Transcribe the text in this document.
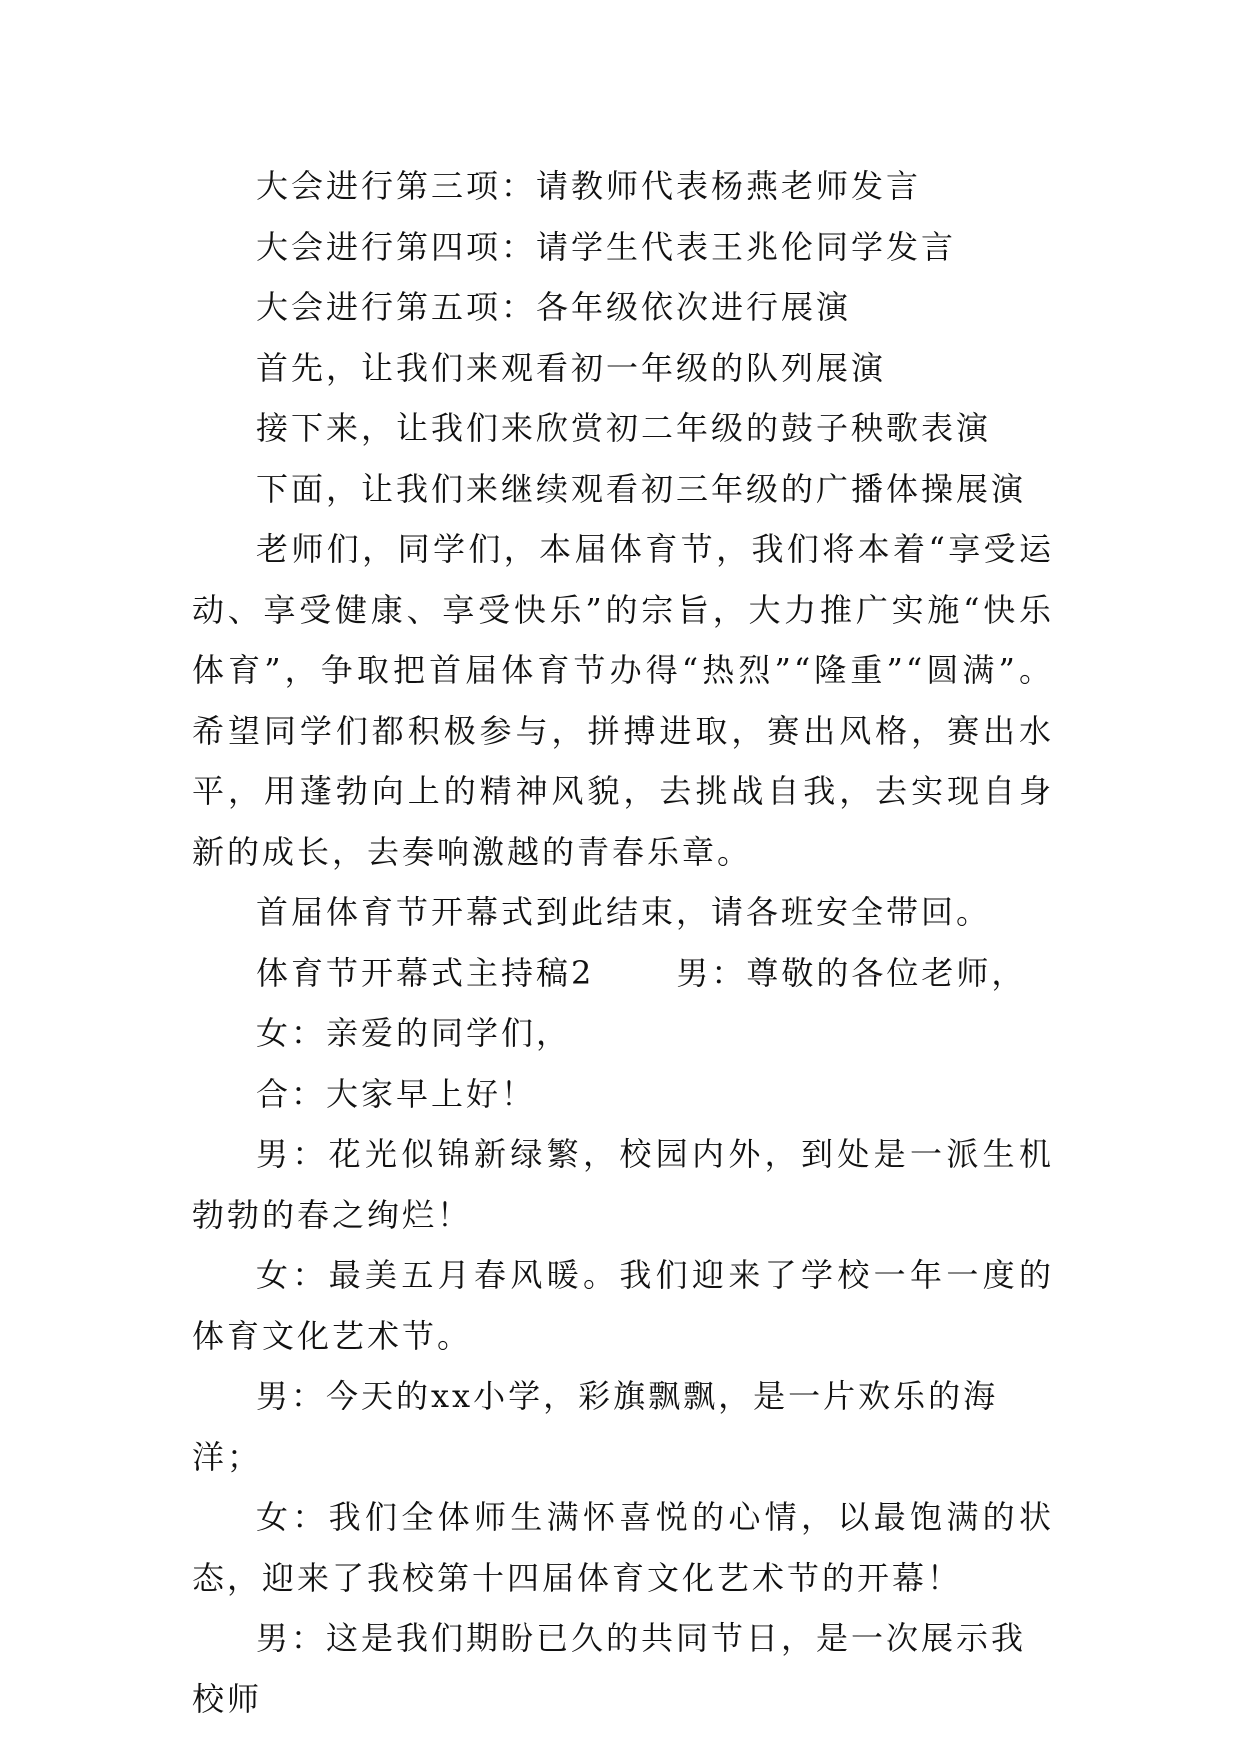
大会进行第三项：请教师代表杨燕老师发言

大会进行第四项：请学生代表王兆伦同学发言

大会进行第五项：各年级依次进行展演

首先，让我们来观看初一年级的队列展演

接下来，让我们来欣赏初二年级的鼓子秧歌表演

下面，让我们来继续观看初三年级的广播体操展演

老师们，同学们，本届体育节，我们将本着“享受运动、享受健康、享受快乐”的宗旨，大力推广实施“快乐体育”，争取把首届体育节办得“热烈”“隆重”“圆满”。希望同学们都积极参与，拼搏进取，赛出风格，赛出水平，用蓬勃向上的精神风貌，去挑战自我，去实现自身新的成长，去奏响激越的青春乐章。

首届体育节开幕式到此结束，请各班安全带回。

体育节开幕式主持稿2	男：尊敬的各位老师，

女：亲爱的同学们，

合：大家早上好！

男：花光似锦新绿繁，校园内外，到处是一派生机勃勃的春之绚烂！

女：最美五月春风暖。我们迎来了学校一年一度的体育文化艺术节。

男：今天的xx小学，彩旗飘飘，是一片欢乐的海洋；

女：我们全体师生满怀喜悦的心情，以最饱满的状态，迎来了我校第十四届体育文化艺术节的开幕！

男：这是我们期盼已久的共同节日，是一次展示我校师
